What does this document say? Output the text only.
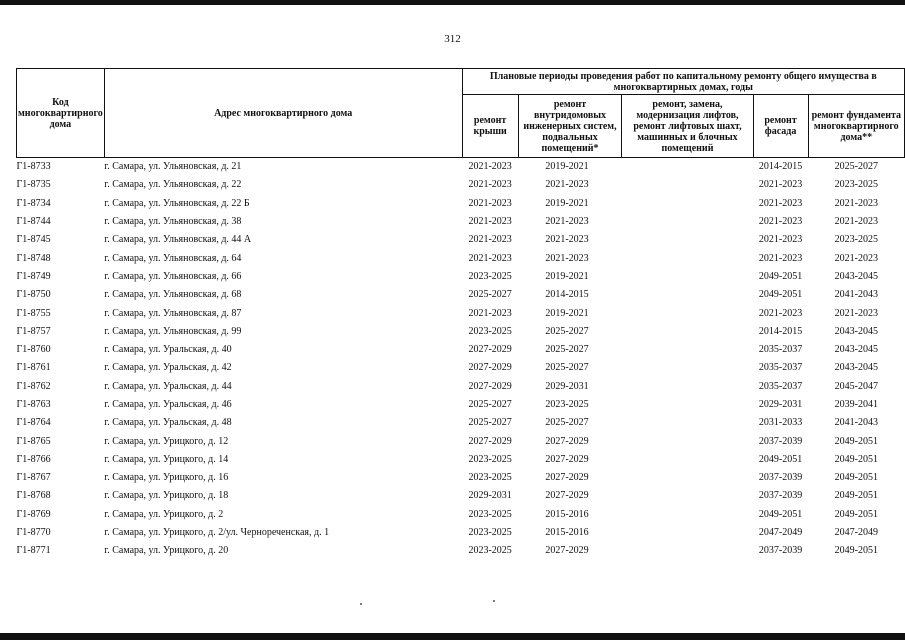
312
Код многоквартирного дома	Адрес многоквартирного дома	Плановые периоды проведения работ по капитальному ремонту общего имущества в многоквартирных домах, годы				
		ремонт крыши	ремонт внутридомовых инженерных систем, подвальных помещений*	ремонт, замена, модернизация лифтов, ремонт лифтовых шахт, машинных и блочных помещений	ремонт фасада	ремонт фундамента многоквартирного дома**
Г1-8733	г. Самара, ул. Ульяновская, д. 21	2021-2023	2019-2021		2014-2015	2025-2027
Г1-8735	г. Самара, ул. Ульяновская, д. 22	2021-2023	2021-2023		2021-2023	2023-2025
Г1-8734	г. Самара, ул. Ульяновская, д. 22 Б	2021-2023	2019-2021		2021-2023	2021-2023
Г1-8744	г. Самара, ул. Ульяновская, д. 38	2021-2023	2021-2023		2021-2023	2021-2023
Г1-8745	г. Самара, ул. Ульяновская, д. 44 А	2021-2023	2021-2023		2021-2023	2023-2025
Г1-8748	г. Самара, ул. Ульяновская, д. 64	2021-2023	2021-2023		2021-2023	2021-2023
Г1-8749	г. Самара, ул. Ульяновская, д. 66	2023-2025	2019-2021		2049-2051	2043-2045
Г1-8750	г. Самара, ул. Ульяновская, д. 68	2025-2027	2014-2015		2049-2051	2041-2043
Г1-8755	г. Самара, ул. Ульяновская, д. 87	2021-2023	2019-2021		2021-2023	2021-2023
Г1-8757	г. Самара, ул. Ульяновская, д. 99	2023-2025	2025-2027		2014-2015	2043-2045
Г1-8760	г. Самара, ул. Уральская, д. 40	2027-2029	2025-2027		2035-2037	2043-2045
Г1-8761	г. Самара, ул. Уральская, д. 42	2027-2029	2025-2027		2035-2037	2043-2045
Г1-8762	г. Самара, ул. Уральская, д. 44	2027-2029	2029-2031		2035-2037	2045-2047
Г1-8763	г. Самара, ул. Уральская, д. 46	2025-2027	2023-2025		2029-2031	2039-2041
Г1-8764	г. Самара, ул. Уральская, д. 48	2025-2027	2025-2027		2031-2033	2041-2043
Г1-8765	г. Самара, ул. Урицкого, д. 12	2027-2029	2027-2029		2037-2039	2049-2051
Г1-8766	г. Самара, ул. Урицкого, д. 14	2023-2025	2027-2029		2049-2051	2049-2051
Г1-8767	г. Самара, ул. Урицкого, д. 16	2023-2025	2027-2029		2037-2039	2049-2051
Г1-8768	г. Самара, ул. Урицкого, д. 18	2029-2031	2027-2029		2037-2039	2049-2051
Г1-8769	г. Самара, ул. Урицкого, д. 2	2023-2025	2015-2016		2049-2051	2049-2051
Г1-8770	г. Самара, ул. Урицкого, д. 2/ул. Чернореченская, д. 1	2023-2025	2015-2016		2047-2049	2047-2049
Г1-8771	г. Самара, ул. Урицкого, д. 20	2023-2025	2027-2029		2037-2039	2049-2051
